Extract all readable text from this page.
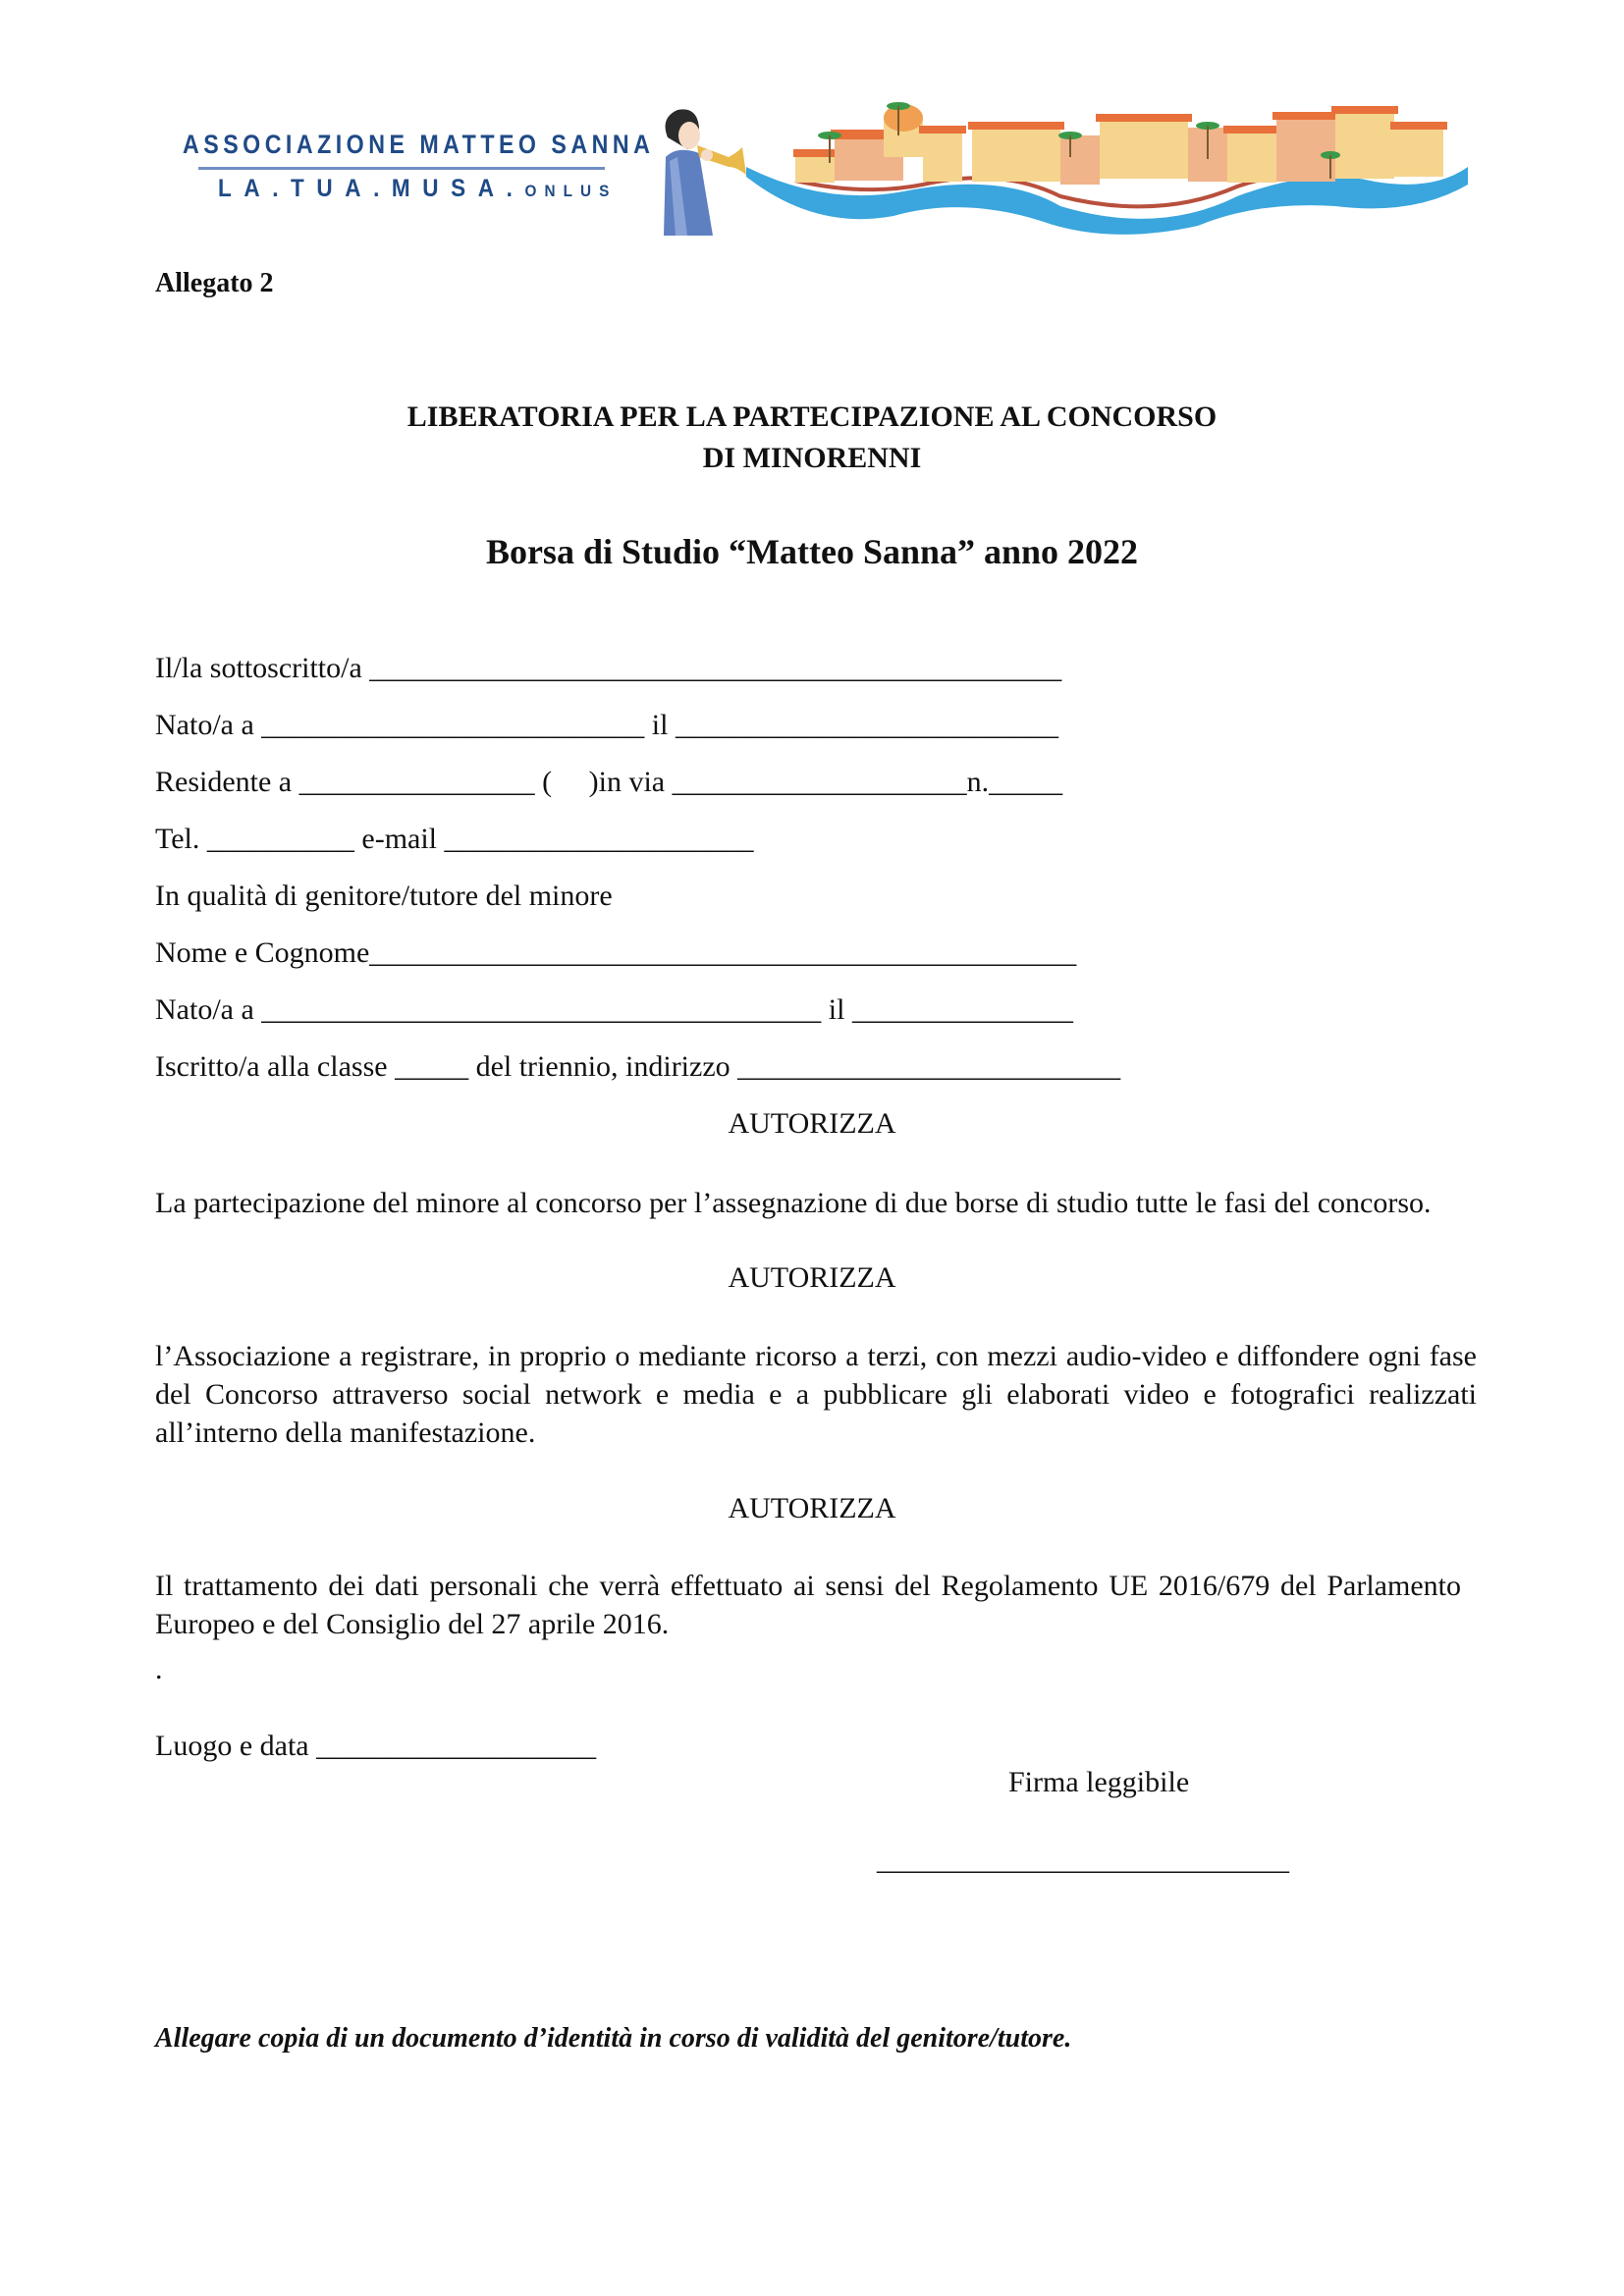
ASSOCIAZIONE MATTEO SANNA
LA.TUA.MUSA.ONLUS
Allegato 2
LIBERATORIA PER LA PARTECIPAZIONE AL CONCORSO
DI MINORENNI
Borsa di Studio “Matteo Sanna” anno 2022
Il/la sottoscritto/a _______________________________________________
Nato/a a __________________________ il __________________________
Residente a ________________ ( )in via ____________________n._____
Tel. __________ e-mail _____________________
In qualità di genitore/tutore del minore
Nome e Cognome________________________________________________
Nato/a a ______________________________________ il _______________
Iscritto/a alla classe _____ del triennio, indirizzo __________________________
AUTORIZZA
La partecipazione del minore al concorso per l’assegnazione di due borse di studio tutte le fasi del concorso.
AUTORIZZA
l’Associazione a registrare, in proprio o mediante ricorso a terzi, con mezzi audio-video e diffondere ogni fase del Concorso attraverso social network e media e a pubblicare gli elaborati video e fotografici realizzati all’interno della manifestazione.
AUTORIZZA
Il trattamento dei dati personali che verrà effettuato ai sensi del Regolamento UE 2016/679 del Parlamento Europeo e del Consiglio del 27 aprile 2016.
.
Luogo e data ___________________
Firma leggibile
____________________________
Allegare copia di un documento d’identità in corso di validità del genitore/tutore.
